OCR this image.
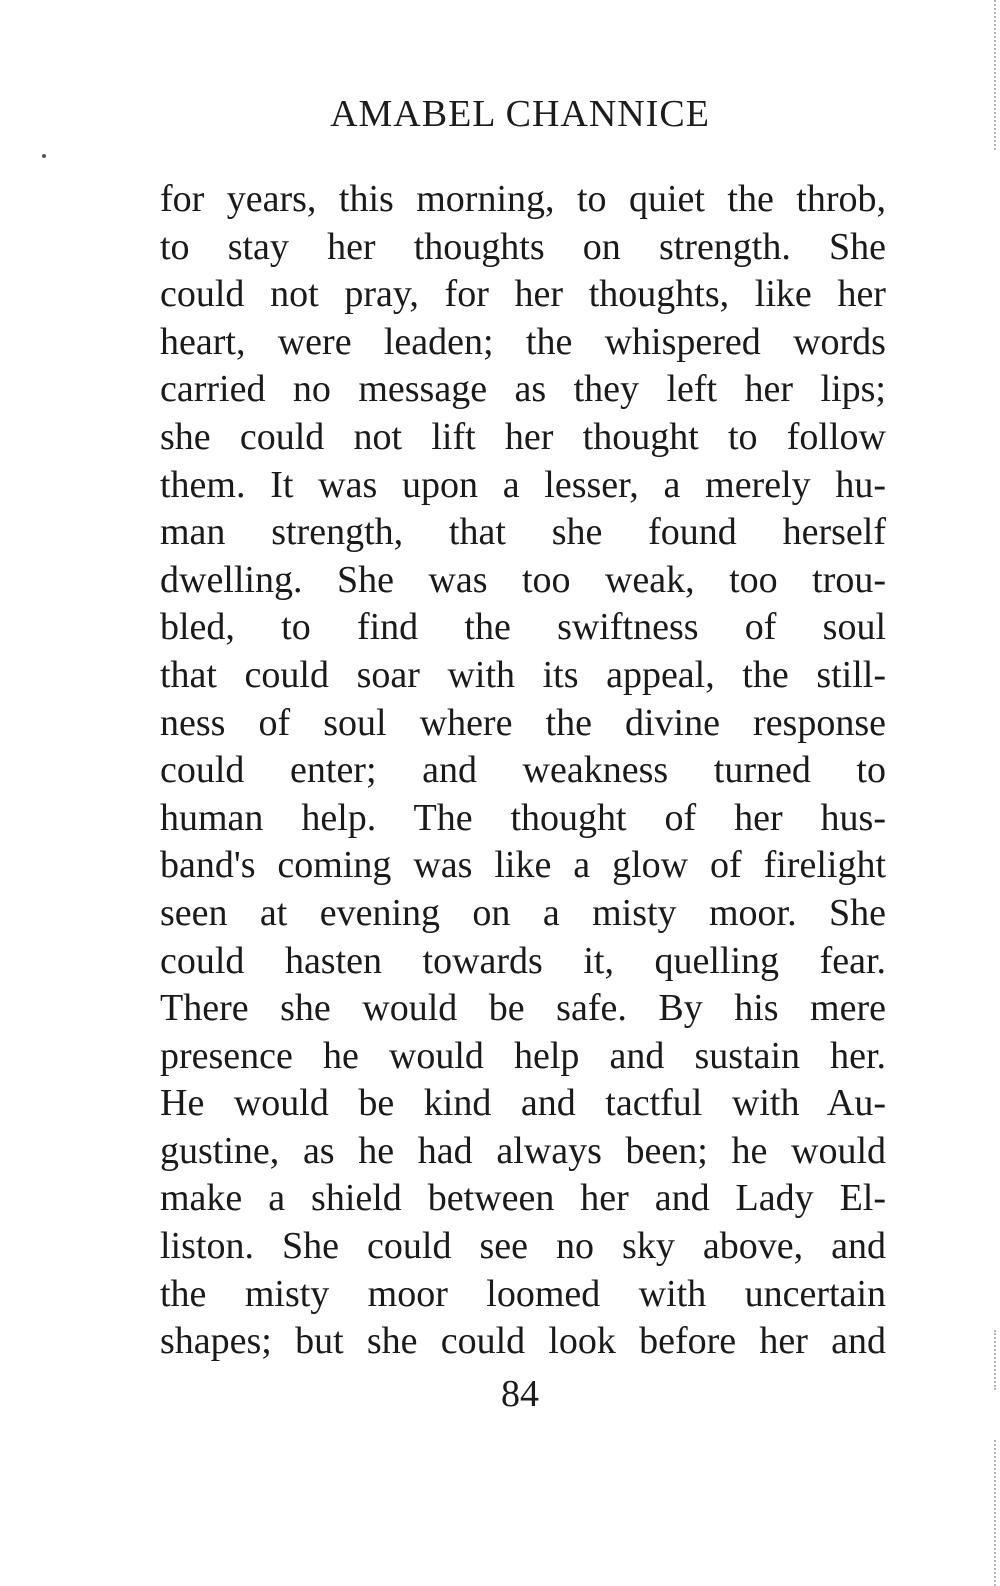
AMABEL CHANNICE
for years, this morning, to quiet the throb,
to stay her thoughts on strength. She
could not pray, for her thoughts, like her
heart, were leaden; the whispered words
carried no message as they left her lips;
she could not lift her thought to follow
them. It was upon a lesser, a merely hu-
man strength, that she found herself
dwelling. She was too weak, too trou-
bled, to find the swiftness of soul
that could soar with its appeal, the still-
ness of soul where the divine response
could enter; and weakness turned to
human help. The thought of her hus-
band's coming was like a glow of firelight
seen at evening on a misty moor. She
could hasten towards it, quelling fear.
There she would be safe. By his mere
presence he would help and sustain her.
He would be kind and tactful with Au-
gustine, as he had always been; he would
make a shield between her and Lady El-
liston. She could see no sky above, and
the misty moor loomed with uncertain
shapes; but she could look before her and
84
